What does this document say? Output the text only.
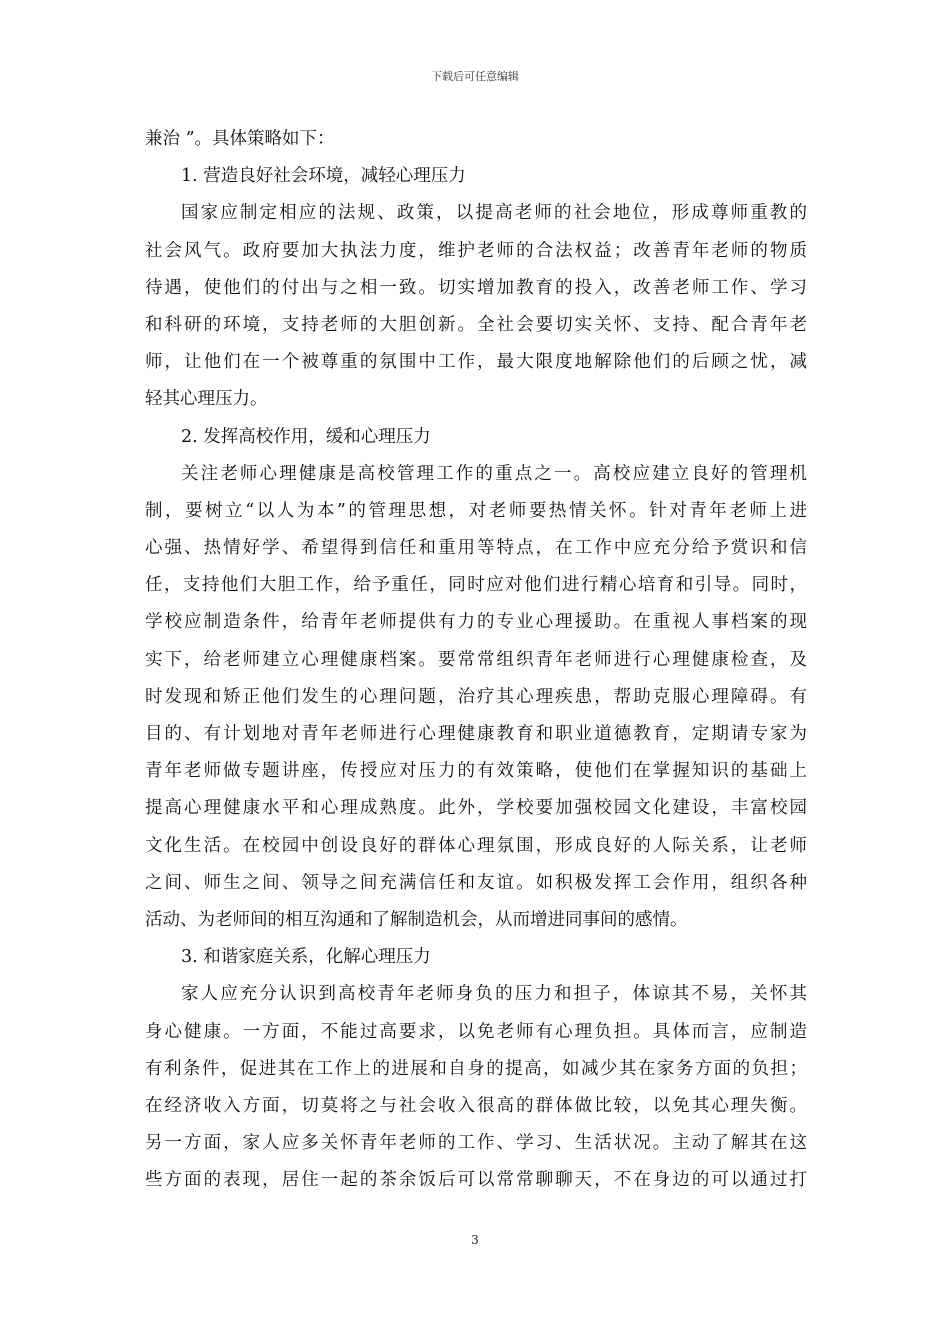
下载后可任意编辑
兼治 ”。具体策略如下：
1. 营造良好社会环境，减轻心理压力
国家应制定相应的法规、政策，以提高老师的社会地位，形成尊师重教的
社会风气。政府要加大执法力度，维护老师的合法权益；改善青年老师的物质
待遇，使他们的付出与之相一致。切实增加教育的投入，改善老师工作、学习
和科研的环境，支持老师的大胆创新。全社会要切实关怀、支持、配合青年老
师，让他们在一个被尊重的氛围中工作，最大限度地解除他们的后顾之忧，减
轻其心理压力。
2. 发挥高校作用，缓和心理压力
关注老师心理健康是高校管理工作的重点之一。高校应建立良好的管理机
制，要树立“以人为本”的管理思想，对老师要热情关怀。针对青年老师上进
心强、热情好学、希望得到信任和重用等特点，在工作中应充分给予赏识和信
任，支持他们大胆工作，给予重任，同时应对他们进行精心培育和引导。同时，
学校应制造条件，给青年老师提供有力的专业心理援助。在重视人事档案的现
实下，给老师建立心理健康档案。要常常组织青年老师进行心理健康检查，及
时发现和矫正他们发生的心理问题，治疗其心理疾患，帮助克服心理障碍。有
目的、有计划地对青年老师进行心理健康教育和职业道德教育，定期请专家为
青年老师做专题讲座，传授应对压力的有效策略，使他们在掌握知识的基础上
提高心理健康水平和心理成熟度。此外，学校要加强校园文化建设，丰富校园
文化生活。在校园中创设良好的群体心理氛围，形成良好的人际关系，让老师
之间、师生之间、领导之间充满信任和友谊。如积极发挥工会作用，组织各种
活动、为老师间的相互沟通和了解制造机会，从而增进同事间的感情。
3. 和谐家庭关系，化解心理压力
家人应充分认识到高校青年老师身负的压力和担子，体谅其不易，关怀其
身心健康。一方面，不能过高要求，以免老师有心理负担。具体而言，应制造
有利条件，促进其在工作上的进展和自身的提高，如减少其在家务方面的负担；
在经济收入方面，切莫将之与社会收入很高的群体做比较，以免其心理失衡。
另一方面，家人应多关怀青年老师的工作、学习、生活状况。主动了解其在这
些方面的表现，居住一起的茶余饭后可以常常聊聊天，不在身边的可以通过打
3
